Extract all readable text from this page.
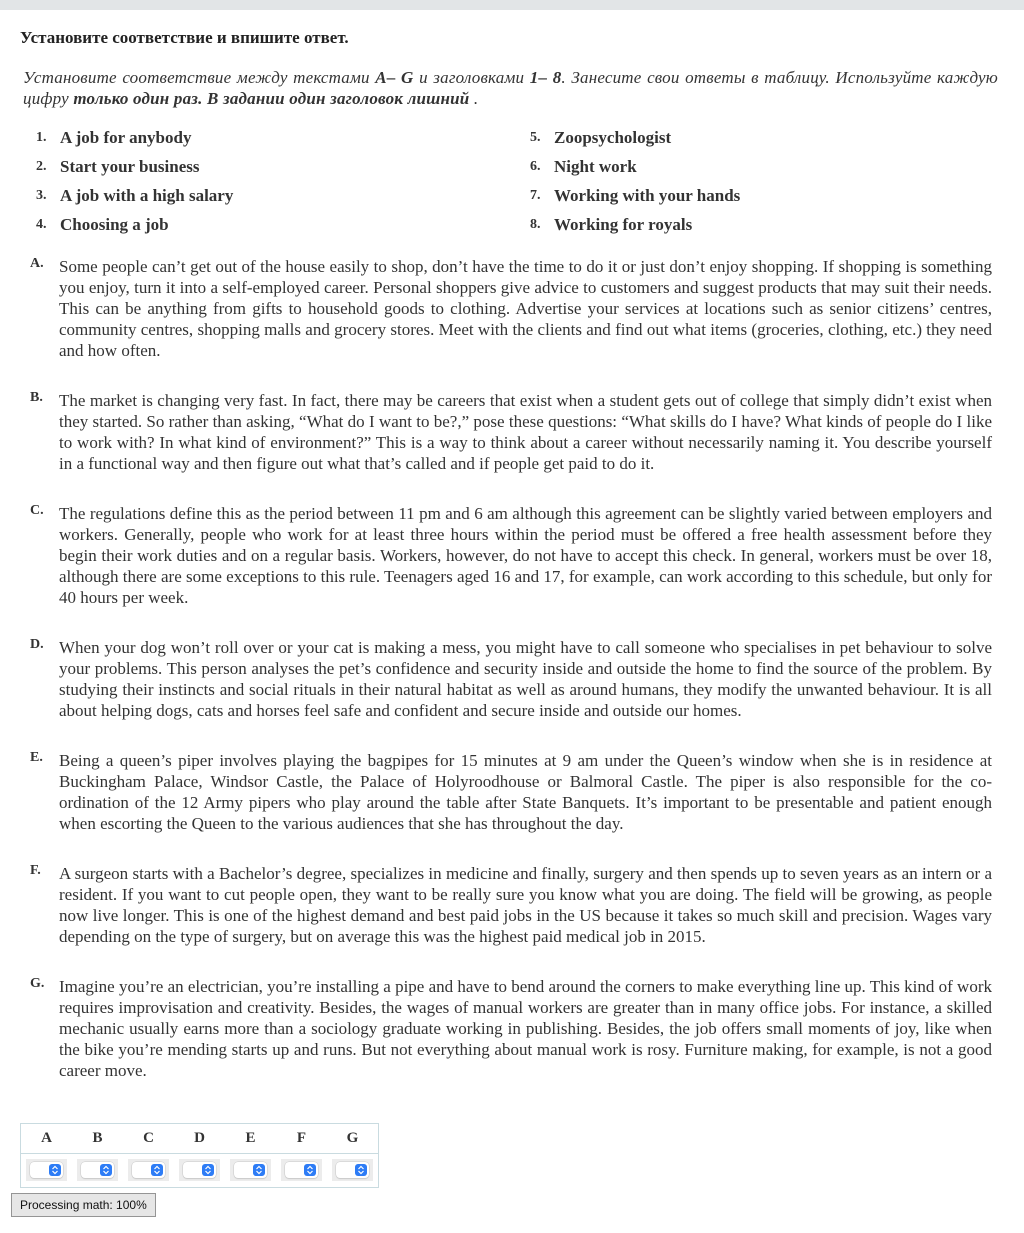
Установите соответствие и впишите ответ.
Установите соответствие между текстами A– G и заголовками 1– 8. Занесите свои ответы в таблицу. Используйте каждую цифру только один раз. В задании один заголовок лишний .
1. A job for anybody
2. Start your business
3. A job with a high salary
4. Choosing a job
5. Zoopsychologist
6. Night work
7. Working with your hands
8. Working for royals
A. Some people can’t get out of the house easily to shop, don’t have the time to do it or just don’t enjoy shopping. If shopping is something you enjoy, turn it into a self-employed career. Personal shoppers give advice to customers and suggest products that may suit their needs. This can be anything from gifts to household goods to clothing. Advertise your services at locations such as senior citizens’ centres, community centres, shopping malls and grocery stores. Meet with the clients and find out what items (groceries, clothing, etc.) they need and how often.
B. The market is changing very fast. In fact, there may be careers that exist when a student gets out of college that simply didn’t exist when they started. So rather than asking, “What do I want to be?,” pose these questions: “What skills do I have? What kinds of people do I like to work with? In what kind of environment?” This is a way to think about a career without necessarily naming it. You describe yourself in a functional way and then figure out what that’s called and if people get paid to do it.
C. The regulations define this as the period between 11 pm and 6 am although this agreement can be slightly varied between employers and workers. Generally, people who work for at least three hours within the period must be offered a free health assessment before they begin their work duties and on a regular basis. Workers, however, do not have to accept this check. In general, workers must be over 18, although there are some exceptions to this rule. Teenagers aged 16 and 17, for example, can work according to this schedule, but only for 40 hours per week.
D. When your dog won’t roll over or your cat is making a mess, you might have to call someone who specialises in pet behaviour to solve your problems. This person analyses the pet’s confidence and security inside and outside the home to find the source of the problem. By studying their instincts and social rituals in their natural habitat as well as around humans, they modify the unwanted behaviour. It is all about helping dogs, cats and horses feel safe and confident and secure inside and outside our homes.
E. Being a queen’s piper involves playing the bagpipes for 15 minutes at 9 am under the Queen’s window when she is in residence at Buckingham Palace, Windsor Castle, the Palace of Holyroodhouse or Balmoral Castle. The piper is also responsible for the co-ordination of the 12 Army pipers who play around the table after State Banquets. It’s important to be presentable and patient enough when escorting the Queen to the various audiences that she has throughout the day.
F. A surgeon starts with a Bachelor’s degree, specializes in medicine and finally, surgery and then spends up to seven years as an intern or a resident. If you want to cut people open, they want to be really sure you know what you are doing. The field will be growing, as people now live longer. This is one of the highest demand and best paid jobs in the US because it takes so much skill and precision. Wages vary depending on the type of surgery, but on average this was the highest paid medical job in 2015.
G. Imagine you’re an electrician, you’re installing a pipe and have to bend around the corners to make everything line up. This kind of work requires improvisation and creativity. Besides, the wages of manual workers are greater than in many office jobs. For instance, a skilled mechanic usually earns more than a sociology graduate working in publishing. Besides, the job offers small moments of joy, like when the bike you’re mending starts up and runs. But not everything about manual work is rosy. Furniture making, for example, is not a good career move.
A	B	C	D	E	F	G
Processing math: 100%
